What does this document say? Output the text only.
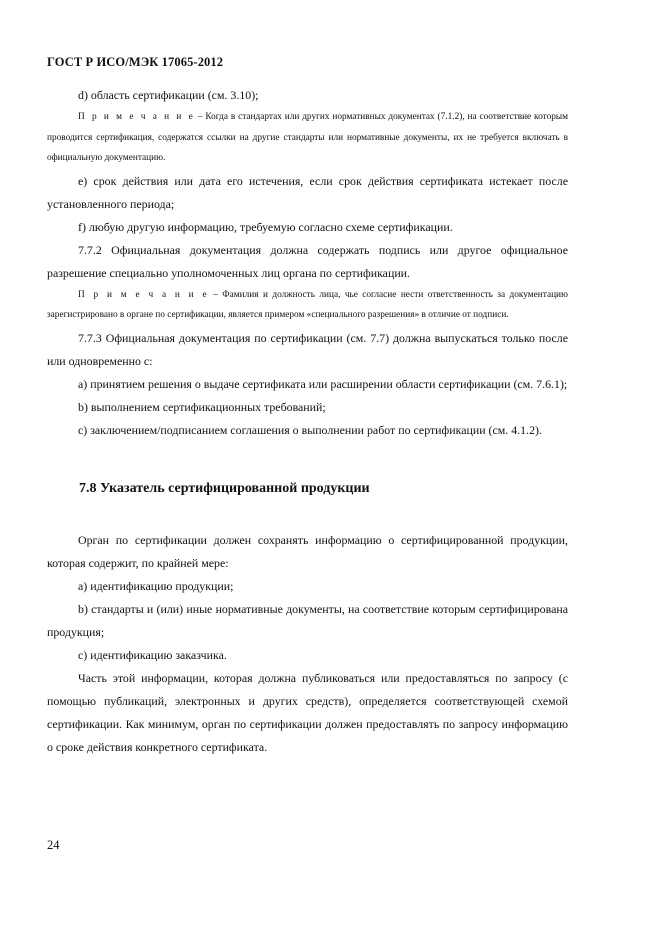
ГОСТ Р ИСО/МЭК 17065-2012

d) область сертификации (см. 3.10);

П р и м е ч а н и е – Когда в стандартах или других нормативных документах (7.1.2), на соответствие которым проводится сертификация, содержатся ссылки на другие стандарты или нормативные документы, их не требуется включать в официальную документацию.

e) срок действия или дата его истечения, если срок действия сертификата истекает после установленного периода;

f) любую другую информацию, требуемую согласно схеме сертификации.

7.7.2 Официальная документация должна содержать подпись или другое официальное разрешение специально уполномоченных лиц органа по сертификации.

П р и м е ч а н и е – Фамилия и должность лица, чье согласие нести ответственность за документацию зарегистрировано в органе по сертификации, является примером «специального разрешения» в отличие от подписи.

7.7.3 Официальная документация по сертификации (см. 7.7) должна выпускаться только после или одновременно с:

a) принятием решения о выдаче сертификата или расширении области сертификации (см. 7.6.1);

b) выполнением сертификационных требований;

c) заключением/подписанием соглашения о выполнении работ по сертификации (см. 4.1.2).

7.8 Указатель сертифицированной продукции

Орган по сертификации должен сохранять информацию о сертифицированной продукции, которая содержит, по крайней мере:

a) идентификацию продукции;

b) стандарты и (или) иные нормативные документы, на соответствие которым сертифицирована продукция;

c) идентификацию заказчика.

Часть этой информации, которая должна публиковаться или предоставляться по запросу (с помощью публикаций, электронных и других средств), определяется соответствующей схемой сертификации. Как минимум, орган по сертификации должен предоставлять по запросу информацию о сроке действия конкретного сертификата.

24
